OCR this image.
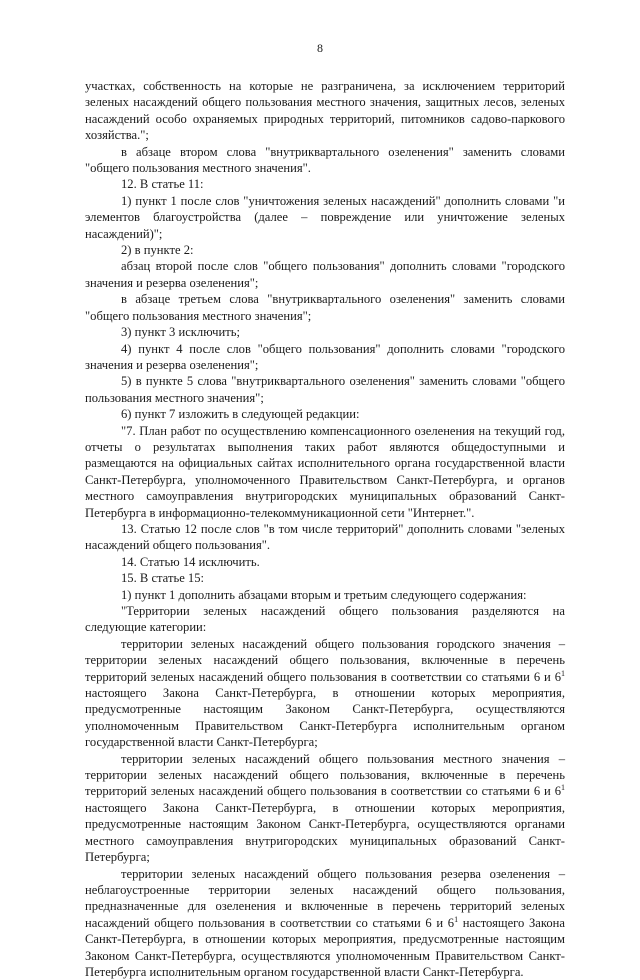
8

участках, собственность на которые не разграничена, за исключением территорий зеленых насаждений общего пользования местного значения, защитных лесов, зеленых насаждений особо охраняемых природных территорий, питомников садово-паркового хозяйства.";

в абзаце втором слова "внутриквартального озеленения" заменить словами "общего пользования местного значения".

12. В статье 11:

1) пункт 1 после слов "уничтожения зеленых насаждений" дополнить словами "и элементов благоустройства (далее – повреждение или уничтожение зеленых насаждений)";

2) в пункте 2:

абзац второй после слов "общего пользования" дополнить словами "городского значения и резерва озеленения";

в абзаце третьем слова "внутриквартального озеленения" заменить словами "общего пользования местного значения";

3) пункт 3 исключить;

4) пункт 4 после слов "общего пользования" дополнить словами "городского значения и резерва озеленения";

5) в пункте 5 слова "внутриквартального озеленения" заменить словами "общего пользования местного значения";

6) пункт 7 изложить в следующей редакции:

"7. План работ по осуществлению компенсационного озеленения на текущий год, отчеты о результатах выполнения таких работ являются общедоступными и размещаются на официальных сайтах исполнительного органа государственной власти Санкт-Петербурга, уполномоченного Правительством Санкт-Петербурга, и органов местного самоуправления внутригородских муниципальных образований Санкт-Петербурга в информационно-телекоммуникационной сети "Интернет.".

13. Статью 12 после слов "в том числе территорий" дополнить словами "зеленых насаждений общего пользования".

14. Статью 14 исключить.

15. В статье 15:

1) пункт 1 дополнить абзацами вторым и третьим следующего содержания:

"Территории зеленых насаждений общего пользования разделяются на следующие категории:

территории зеленых насаждений общего пользования городского значения – территории зеленых насаждений общего пользования, включенные в перечень территорий зеленых насаждений общего пользования в соответствии со статьями 6 и $6^1$ настоящего Закона Санкт-Петербурга, в отношении которых мероприятия, предусмотренные настоящим Законом Санкт-Петербурга, осуществляются уполномоченным Правительством Санкт-Петербурга исполнительным органом государственной власти Санкт-Петербурга;

территории зеленых насаждений общего пользования местного значения – территории зеленых насаждений общего пользования, включенные в перечень территорий зеленых насаждений общего пользования в соответствии со статьями 6 и $6^1$ настоящего Закона Санкт-Петербурга, в отношении которых мероприятия, предусмотренные настоящим Законом Санкт-Петербурга, осуществляются органами местного самоуправления внутригородских муниципальных образований Санкт-Петербурга;

территории зеленых насаждений общего пользования резерва озеленения – неблагоустроенные территории зеленых насаждений общего пользования, предназначенные для озеленения и включенные в перечень территорий зеленых насаждений общего пользования в соответствии со статьями 6 и $6^1$ настоящего Закона Санкт-Петербурга, в отношении которых мероприятия, предусмотренные настоящим Законом Санкт-Петербурга, осуществляются уполномоченным Правительством Санкт-Петербурга исполнительным органом государственной власти Санкт-Петербурга.
